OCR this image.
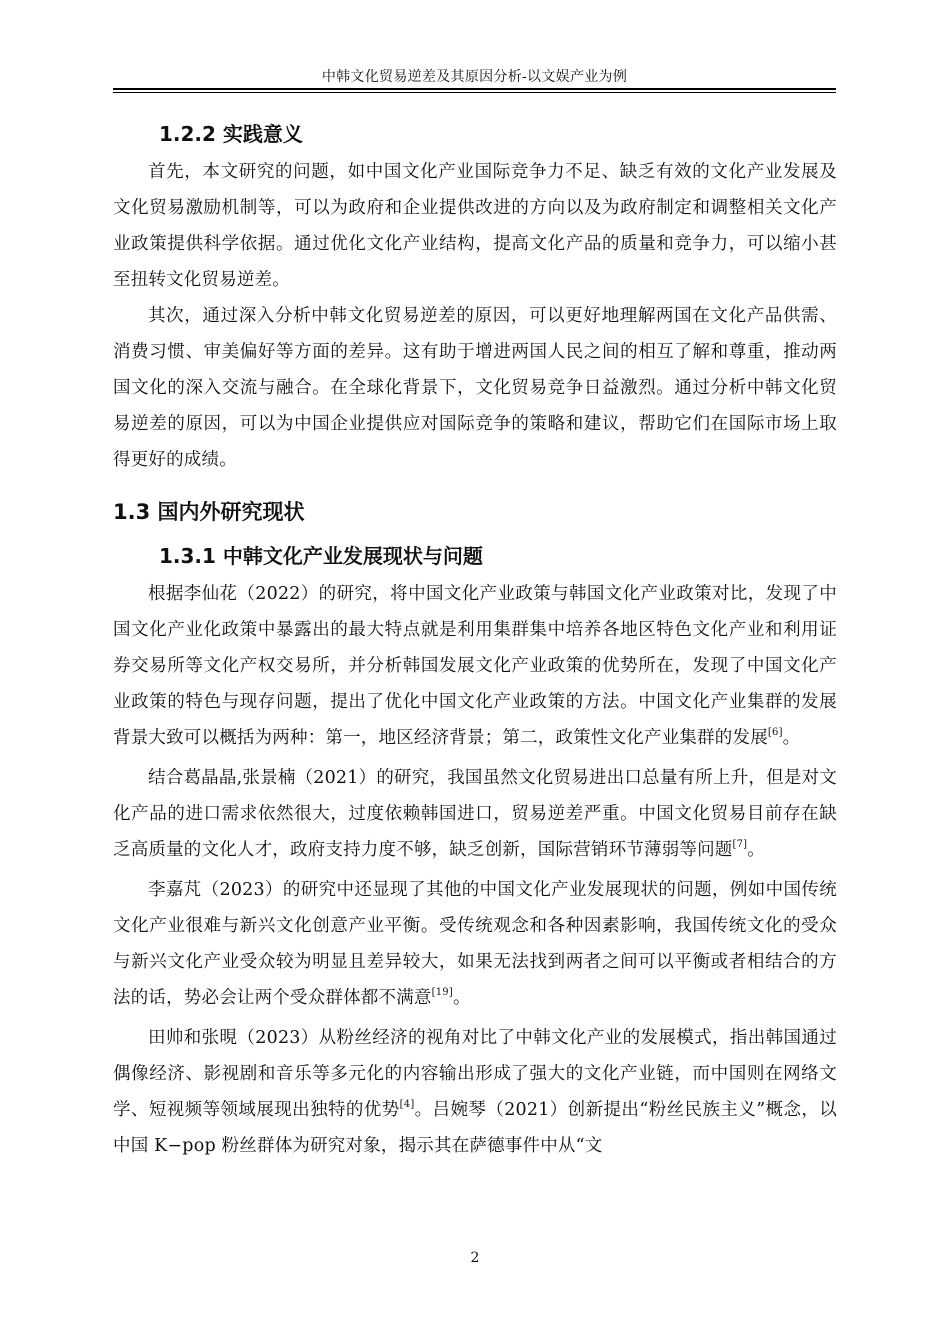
中韩文化贸易逆差及其原因分析-以文娱产业为例
1.2.2 实践意义

首先，本文研究的问题，如中国文化产业国际竞争力不足、缺乏有效的文化产业发展及文化贸易激励机制等，可以为政府和企业提供改进的方向以及为政府制定和调整相关文化产业政策提供科学依据。通过优化文化产业结构，提高文化产品的质量和竞争力，可以缩小甚至扭转文化贸易逆差。

其次，通过深入分析中韩文化贸易逆差的原因，可以更好地理解两国在文化产品供需、消费习惯、审美偏好等方面的差异。这有助于增进两国人民之间的相互了解和尊重，推动两国文化的深入交流与融合。在全球化背景下，文化贸易竞争日益激烈。通过分析中韩文化贸易逆差的原因，可以为中国企业提供应对国际竞争的策略和建议，帮助它们在国际市场上取得更好的成绩。

1.3 国内外研究现状
1.3.1 中韩文化产业发展现状与问题

根据李仙花（2022）的研究，将中国文化产业政策与韩国文化产业政策对比，发现了中国文化产业化政策中暴露出的最大特点就是利用集群集中培养各地区特色文化产业和利用证券交易所等文化产权交易所，并分析韩国发展文化产业政策的优势所在，发现了中国文化产业政策的特色与现存问题，提出了优化中国文化产业政策的方法。中国文化产业集群的发展背景大致可以概括为两种：第一，地区经济背景；第二，政策性文化产业集群的发展[6]。

结合葛晶晶,张景楠（2021）的研究，我国虽然文化贸易进出口总量有所上升，但是对文化产品的进口需求依然很大，过度依赖韩国进口，贸易逆差严重。中国文化贸易目前存在缺乏高质量的文化人才，政府支持力度不够，缺乏创新，国际营销环节薄弱等问题[7]。

李嘉芃（2023）的研究中还显现了其他的中国文化产业发展现状的问题，例如中国传统文化产业很难与新兴文化创意产业平衡。受传统观念和各种因素影响，我国传统文化的受众与新兴文化产业受众较为明显且差异较大，如果无法找到两者之间可以平衡或者相结合的方法的话，势必会让两个受众群体都不满意[19]。

田帅和张晛（2023）从粉丝经济的视角对比了中韩文化产业的发展模式，指出韩国通过偶像经济、影视剧和音乐等多元化的内容输出形成了强大的文化产业链，而中国则在网络文学、短视频等领域展现出独特的优势[4]。吕婉琴（2021）创新提出“粉丝民族主义”概念，以中国 K−pop 粉丝群体为研究对象，揭示其在萨德事件中从“文

2
